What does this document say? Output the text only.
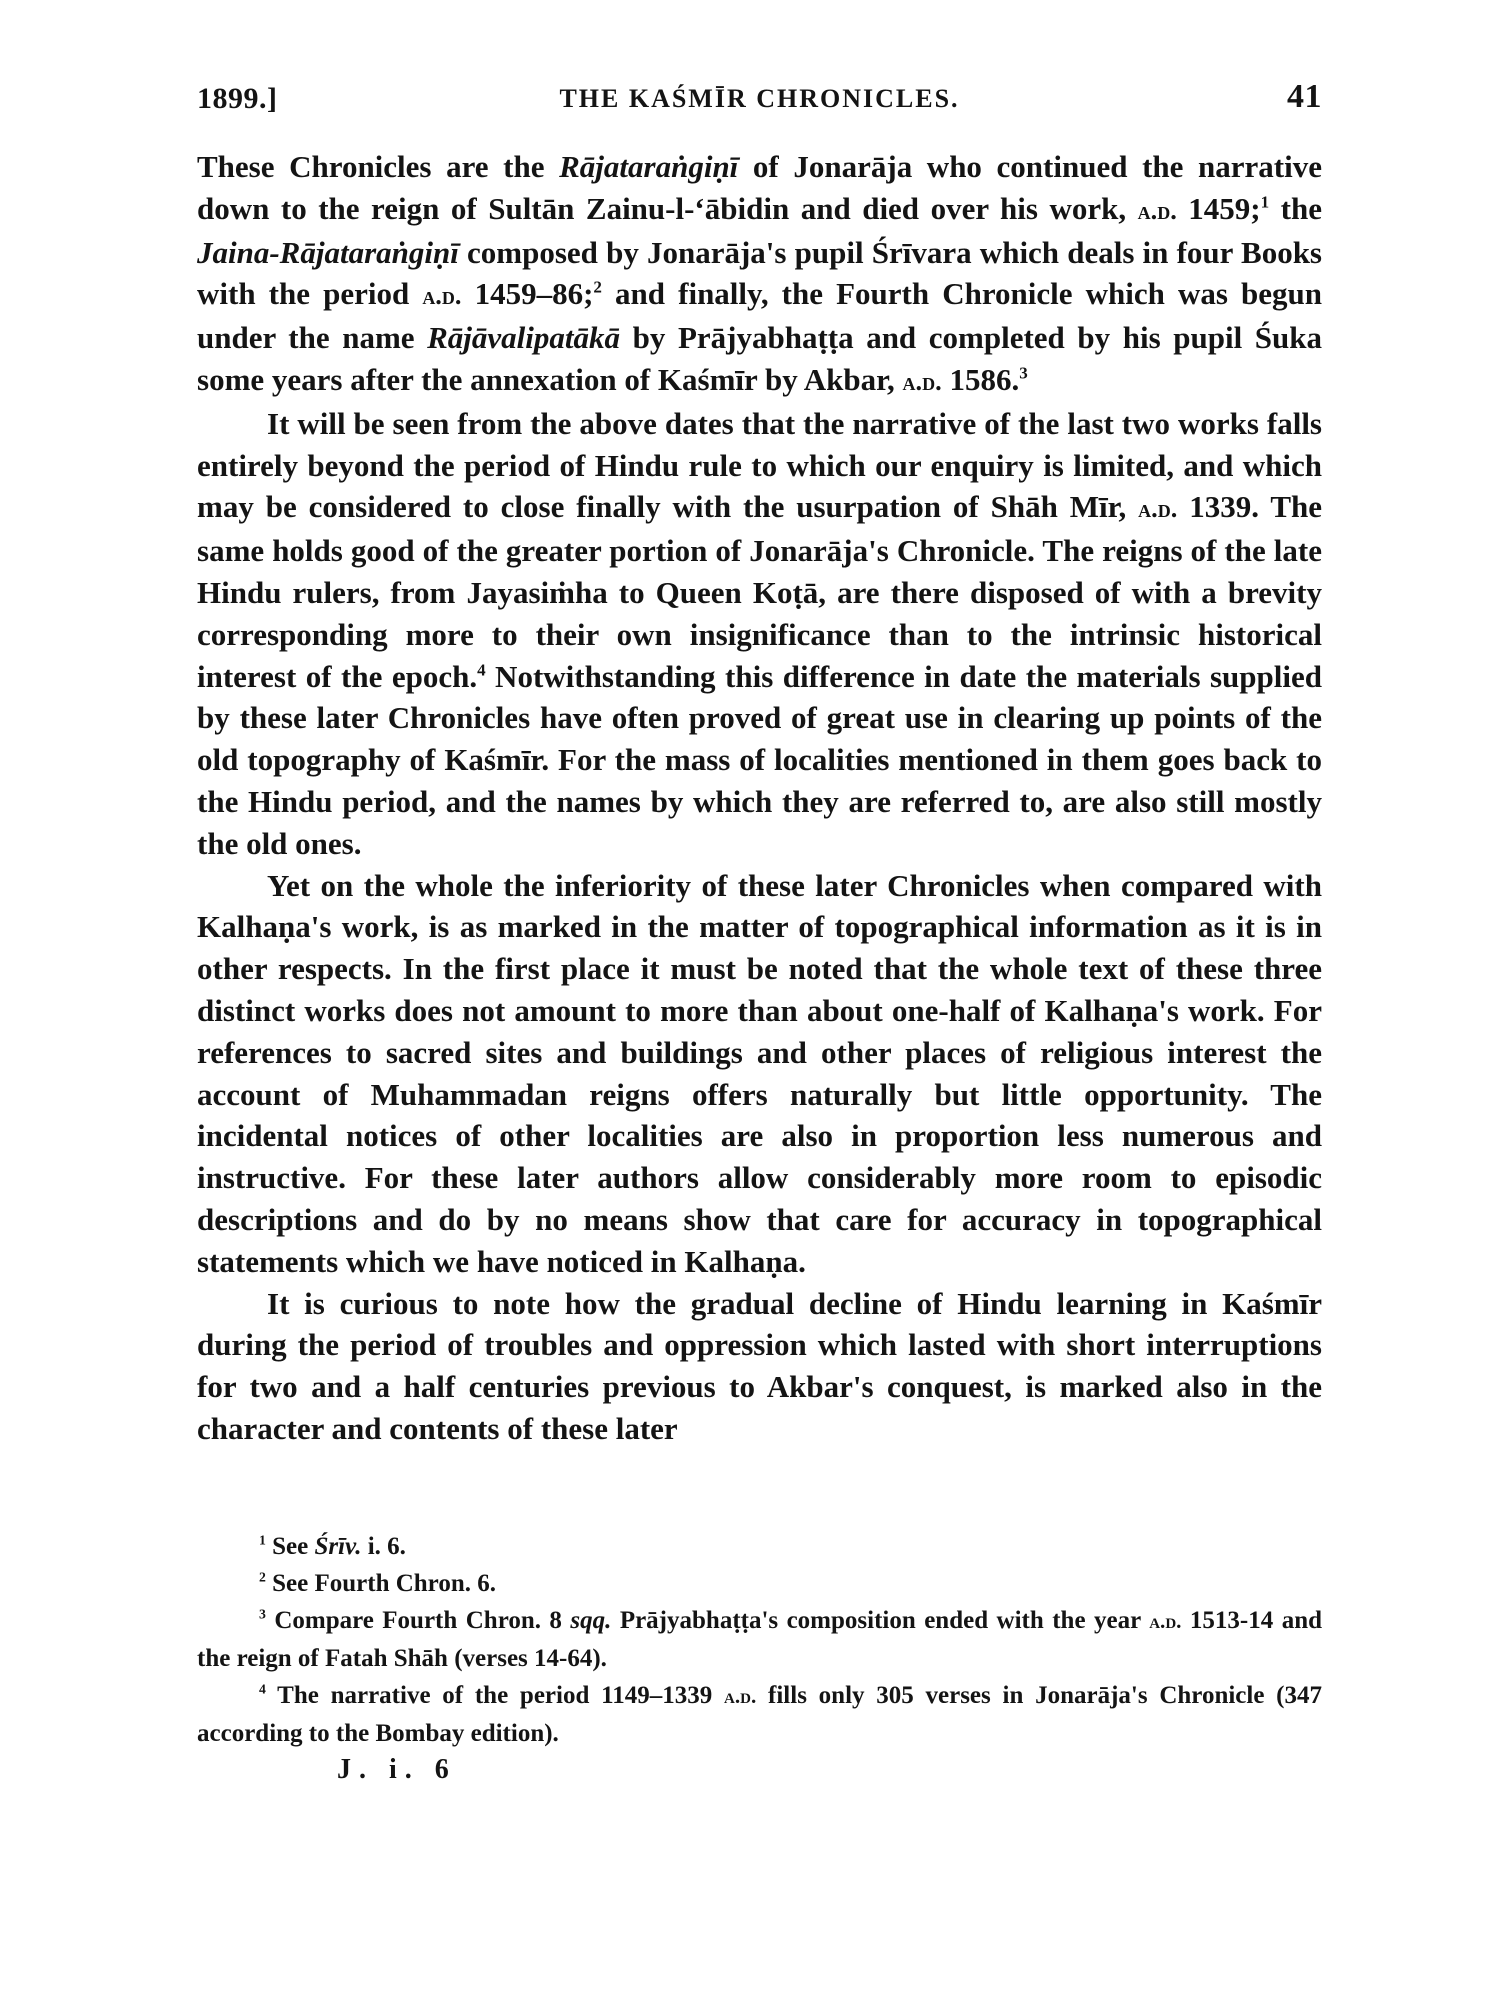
1899.]	THE KAŚMĪR CHRONICLES.	41

These Chronicles are the Rājataraṅgiṇī of Jonarāja who continued the narrative down to the reign of Sultān Zainu-l-‘ābidin and died over his work, a.d. 1459;$^1$ the Jaina-Rājataraṅgiṇī composed by Jonarāja's pupil Śrīvara which deals in four Books with the period a.d. 1459–86;$^2$ and finally, the Fourth Chronicle which was begun under the name Rājāvalipatākā by Prājyabhaṭṭa and completed by his pupil Śuka some years after the annexation of Kaśmīr by Akbar, a.d. 1586.$^3$

It will be seen from the above dates that the narrative of the last two works falls entirely beyond the period of Hindu rule to which our enquiry is limited, and which may be considered to close finally with the usurpation of Shāh Mīr, a.d. 1339. The same holds good of the greater portion of Jonarāja's Chronicle. The reigns of the late Hindu rulers, from Jayasiṁha to Queen Koṭā, are there disposed of with a brevity corresponding more to their own insignificance than to the intrinsic historical interest of the epoch.$^4$ Notwithstanding this difference in date the materials supplied by these later Chronicles have often proved of great use in clearing up points of the old topography of Kaśmīr. For the mass of localities mentioned in them goes back to the Hindu period, and the names by which they are referred to, are also still mostly the old ones.

Yet on the whole the inferiority of these later Chronicles when compared with Kalhaṇa's work, is as marked in the matter of topographical information as it is in other respects. In the first place it must be noted that the whole text of these three distinct works does not amount to more than about one-half of Kalhaṇa's work. For references to sacred sites and buildings and other places of religious interest the account of Muhammadan reigns offers naturally but little opportunity. The incidental notices of other localities are also in proportion less numerous and instructive. For these later authors allow considerably more room to episodic descriptions and do by no means show that care for accuracy in topographical statements which we have noticed in Kalhaṇa.

It is curious to note how the gradual decline of Hindu learning in Kaśmīr during the period of troubles and oppression which lasted with short interruptions for two and a half centuries previous to Akbar's conquest, is marked also in the character and contents of these later

$^1$ See Śrīv. i. 6.

$^2$ See Fourth Chron. 6.

$^3$ Compare Fourth Chron. 8 sqq. Prājyabhaṭṭa's composition ended with the year a.d. 1513-14 and the reign of Fatah Shāh (verses 14-64).

$^4$ The narrative of the period 1149–1339 a.d. fills only 305 verses in Jonarāja's Chronicle (347 according to the Bombay edition).

J. i. 6
